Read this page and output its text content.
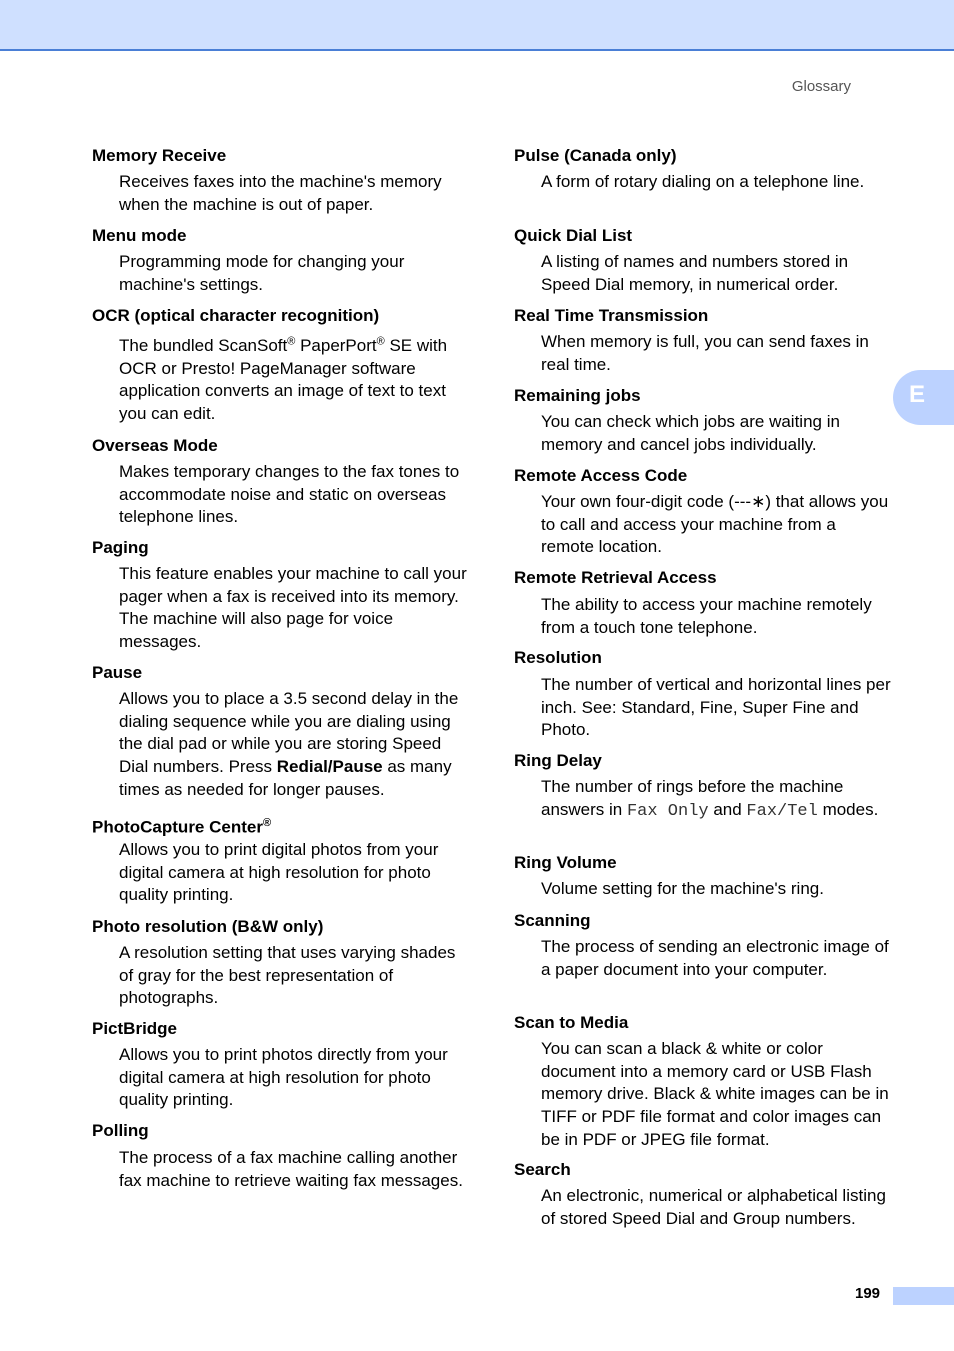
Glossary
E
Memory Receive
Receives faxes into the machine's memory when the machine is out of paper.
Menu mode
Programming mode for changing your machine's settings.
OCR (optical character recognition)
The bundled ScanSoft® PaperPort® SE with OCR or Presto! PageManager software application converts an image of text to text you can edit.
Overseas Mode
Makes temporary changes to the fax tones to accommodate noise and static on overseas telephone lines.
Paging
This feature enables your machine to call your pager when a fax is received into its memory. The machine will also page for voice messages.
Pause
Allows you to place a 3.5 second delay in the dialing sequence while you are dialing using the dial pad or while you are storing Speed Dial numbers. Press Redial/Pause as many times as needed for longer pauses.
PhotoCapture Center®
Allows you to print digital photos from your digital camera at high resolution for photo quality printing.
Photo resolution (B&W only)
A resolution setting that uses varying shades of gray for the best representation of photographs.
PictBridge
Allows you to print photos directly from your digital camera at high resolution for photo quality printing.
Polling
The process of a fax machine calling another fax machine to retrieve waiting fax messages.
Pulse (Canada only)
A form of rotary dialing on a telephone line.
Quick Dial List
A listing of names and numbers stored in Speed Dial memory, in numerical order.
Real Time Transmission
When memory is full, you can send faxes in real time.
Remaining jobs
You can check which jobs are waiting in memory and cancel jobs individually.
Remote Access Code
Your own four-digit code (---∗) that allows you to call and access your machine from a remote location.
Remote Retrieval Access
The ability to access your machine remotely from a touch tone telephone.
Resolution
The number of vertical and horizontal lines per inch. See: Standard, Fine, Super Fine and Photo.
Ring Delay
The number of rings before the machine answers in Fax Only and Fax/Tel modes.
Ring Volume
Volume setting for the machine's ring.
Scanning
The process of sending an electronic image of a paper document into your computer.
Scan to Media
You can scan a black & white or color document into a memory card or USB Flash memory drive. Black & white images can be in TIFF or PDF file format and color images can be in PDF or JPEG file format.
Search
An electronic, numerical or alphabetical listing of stored Speed Dial and Group numbers.
199
